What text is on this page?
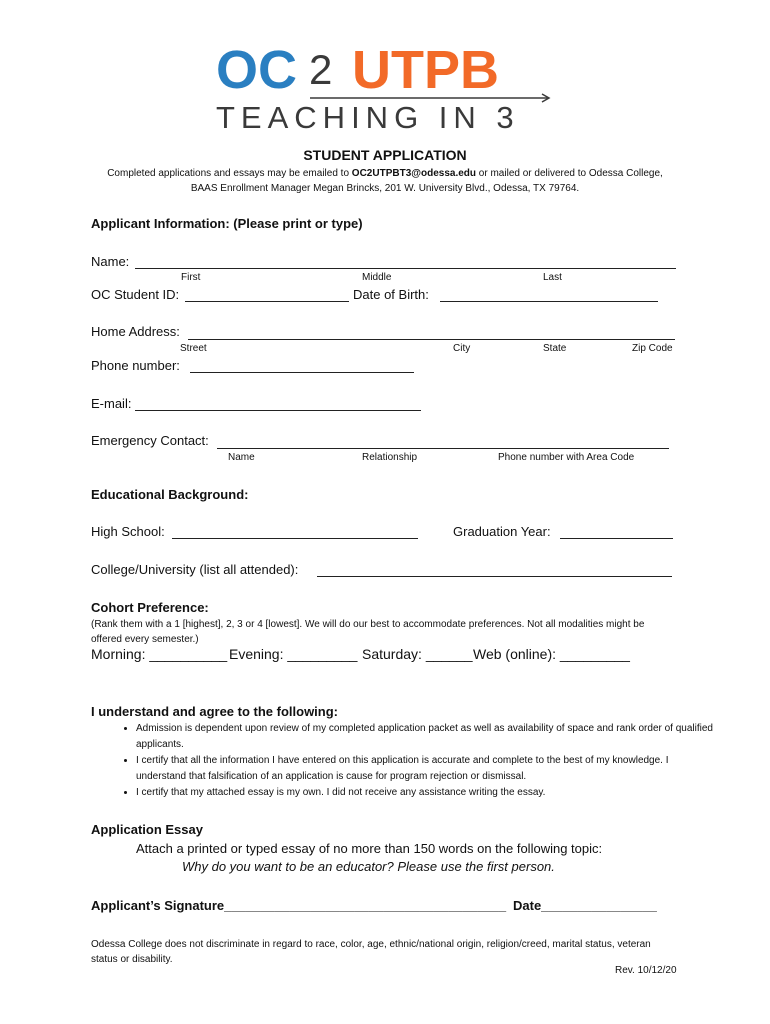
OC 2 UTPB
TEACHING IN 3
STUDENT APPLICATION
Completed applications and essays may be emailed to OC2UTPBT3@odessa.edu or mailed or delivered to Odessa College,
BAAS Enrollment Manager Megan Brincks, 201 W. University Blvd., Odessa, TX 79764.
Applicant Information: (Please print or type)
Name:
First	Middle	Last
OC Student ID:	Date of Birth:
Home Address:
Street	City	State	Zip Code
Phone number:
E-mail:
Emergency Contact:
Name	Relationship	Phone number with Area Code
Educational Background:
High School:	Graduation Year:
College/University (list all attended):
Cohort Preference:
(Rank them with a 1 [highest], 2, 3 or 4 [lowest]. We will do our best to accommodate preferences. Not all modalities might be
offered every semester.)
Morning: __________ Evening: _________ Saturday: ______ Web (online): _________
I understand and agree to the following:
• Admission is dependent upon review of my completed application packet as well as availability of space and rank order of qualified applicants.
• I certify that all the information I have entered on this application is accurate and complete to the best of my knowledge. I understand that falsification of an application is cause for program rejection or dismissal.
• I certify that my attached essay is my own. I did not receive any assistance writing the essay.
Application Essay
Attach a printed or typed essay of no more than 150 words on the following topic:
Why do you want to be an educator? Please use the first person.
Applicant’s Signature_______________________________________ Date________________
Odessa College does not discriminate in regard to race, color, age, ethnic/national origin, religion/creed, marital status, veteran
status or disability.
Rev. 10/12/20
